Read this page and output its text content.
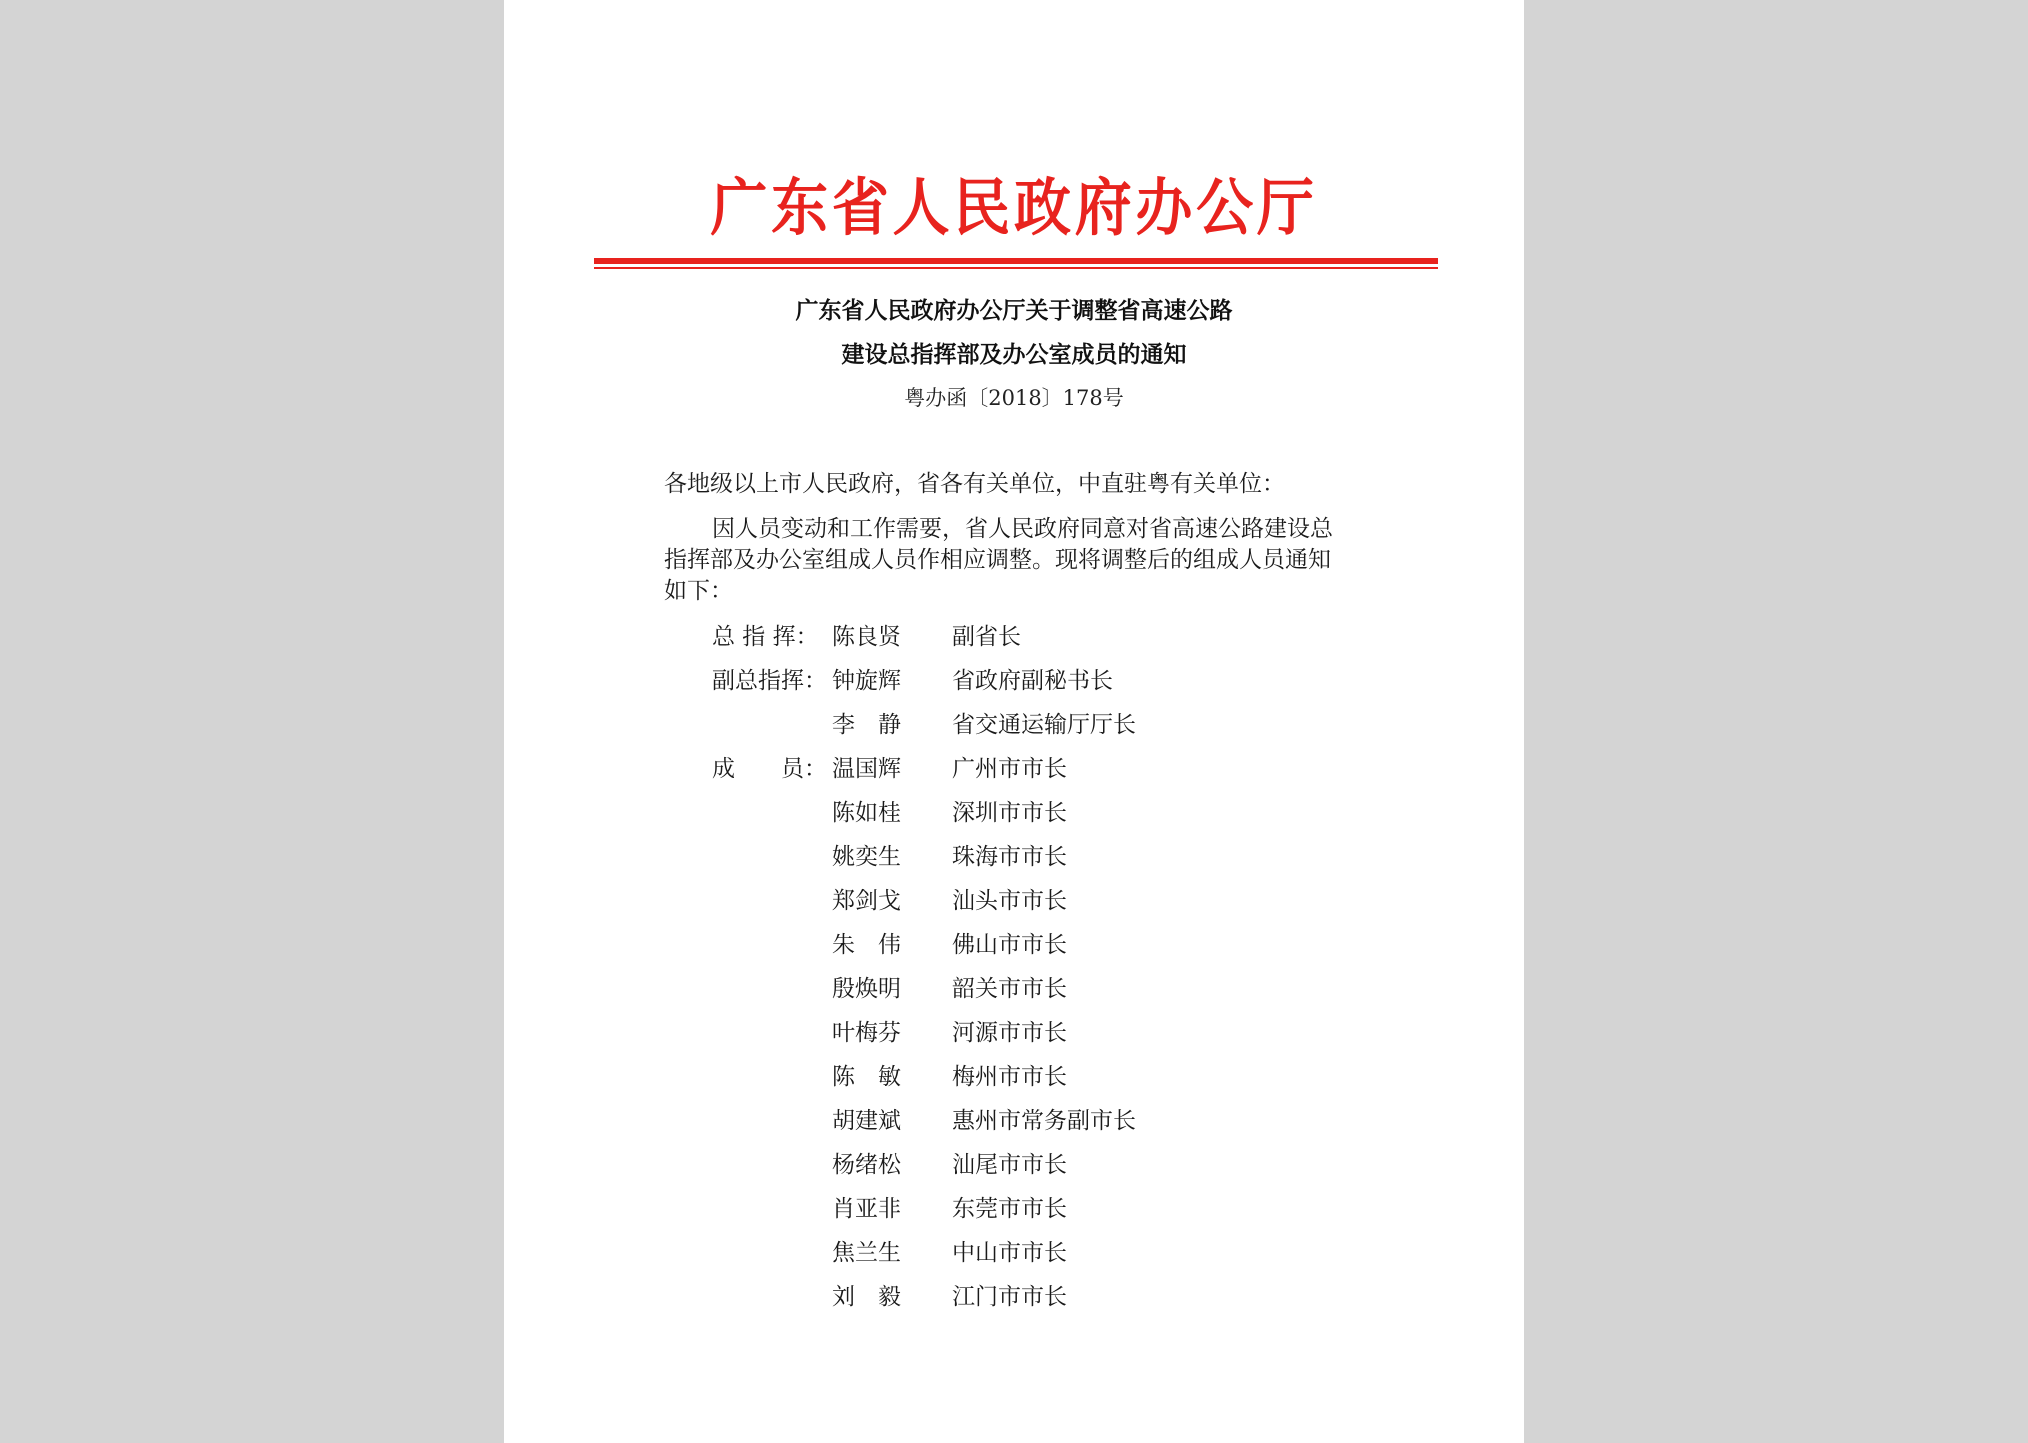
广东省人民政府办公厅
广东省人民政府办公厅关于调整省高速公路
建设总指挥部及办公室成员的通知
粤办函〔2018〕178号
各地级以上市人民政府，省各有关单位，中直驻粤有关单位：
因人员变动和工作需要，省人民政府同意对省高速公路建设总
指挥部及办公室组成人员作相应调整。现将调整后的组成人员通知
如下：
总 指 挥： 陈良贤 副省长
副总指挥： 钟旋辉 省政府副秘书长
李　静 省交通运输厅厅长
成　　员： 温国辉 广州市市长
陈如桂 深圳市市长
姚奕生 珠海市市长
郑剑戈 汕头市市长
朱　伟 佛山市市长
殷焕明 韶关市市长
叶梅芬 河源市市长
陈　敏 梅州市市长
胡建斌 惠州市常务副市长
杨绪松 汕尾市市长
肖亚非 东莞市市长
焦兰生 中山市市长
刘　毅 江门市市长
